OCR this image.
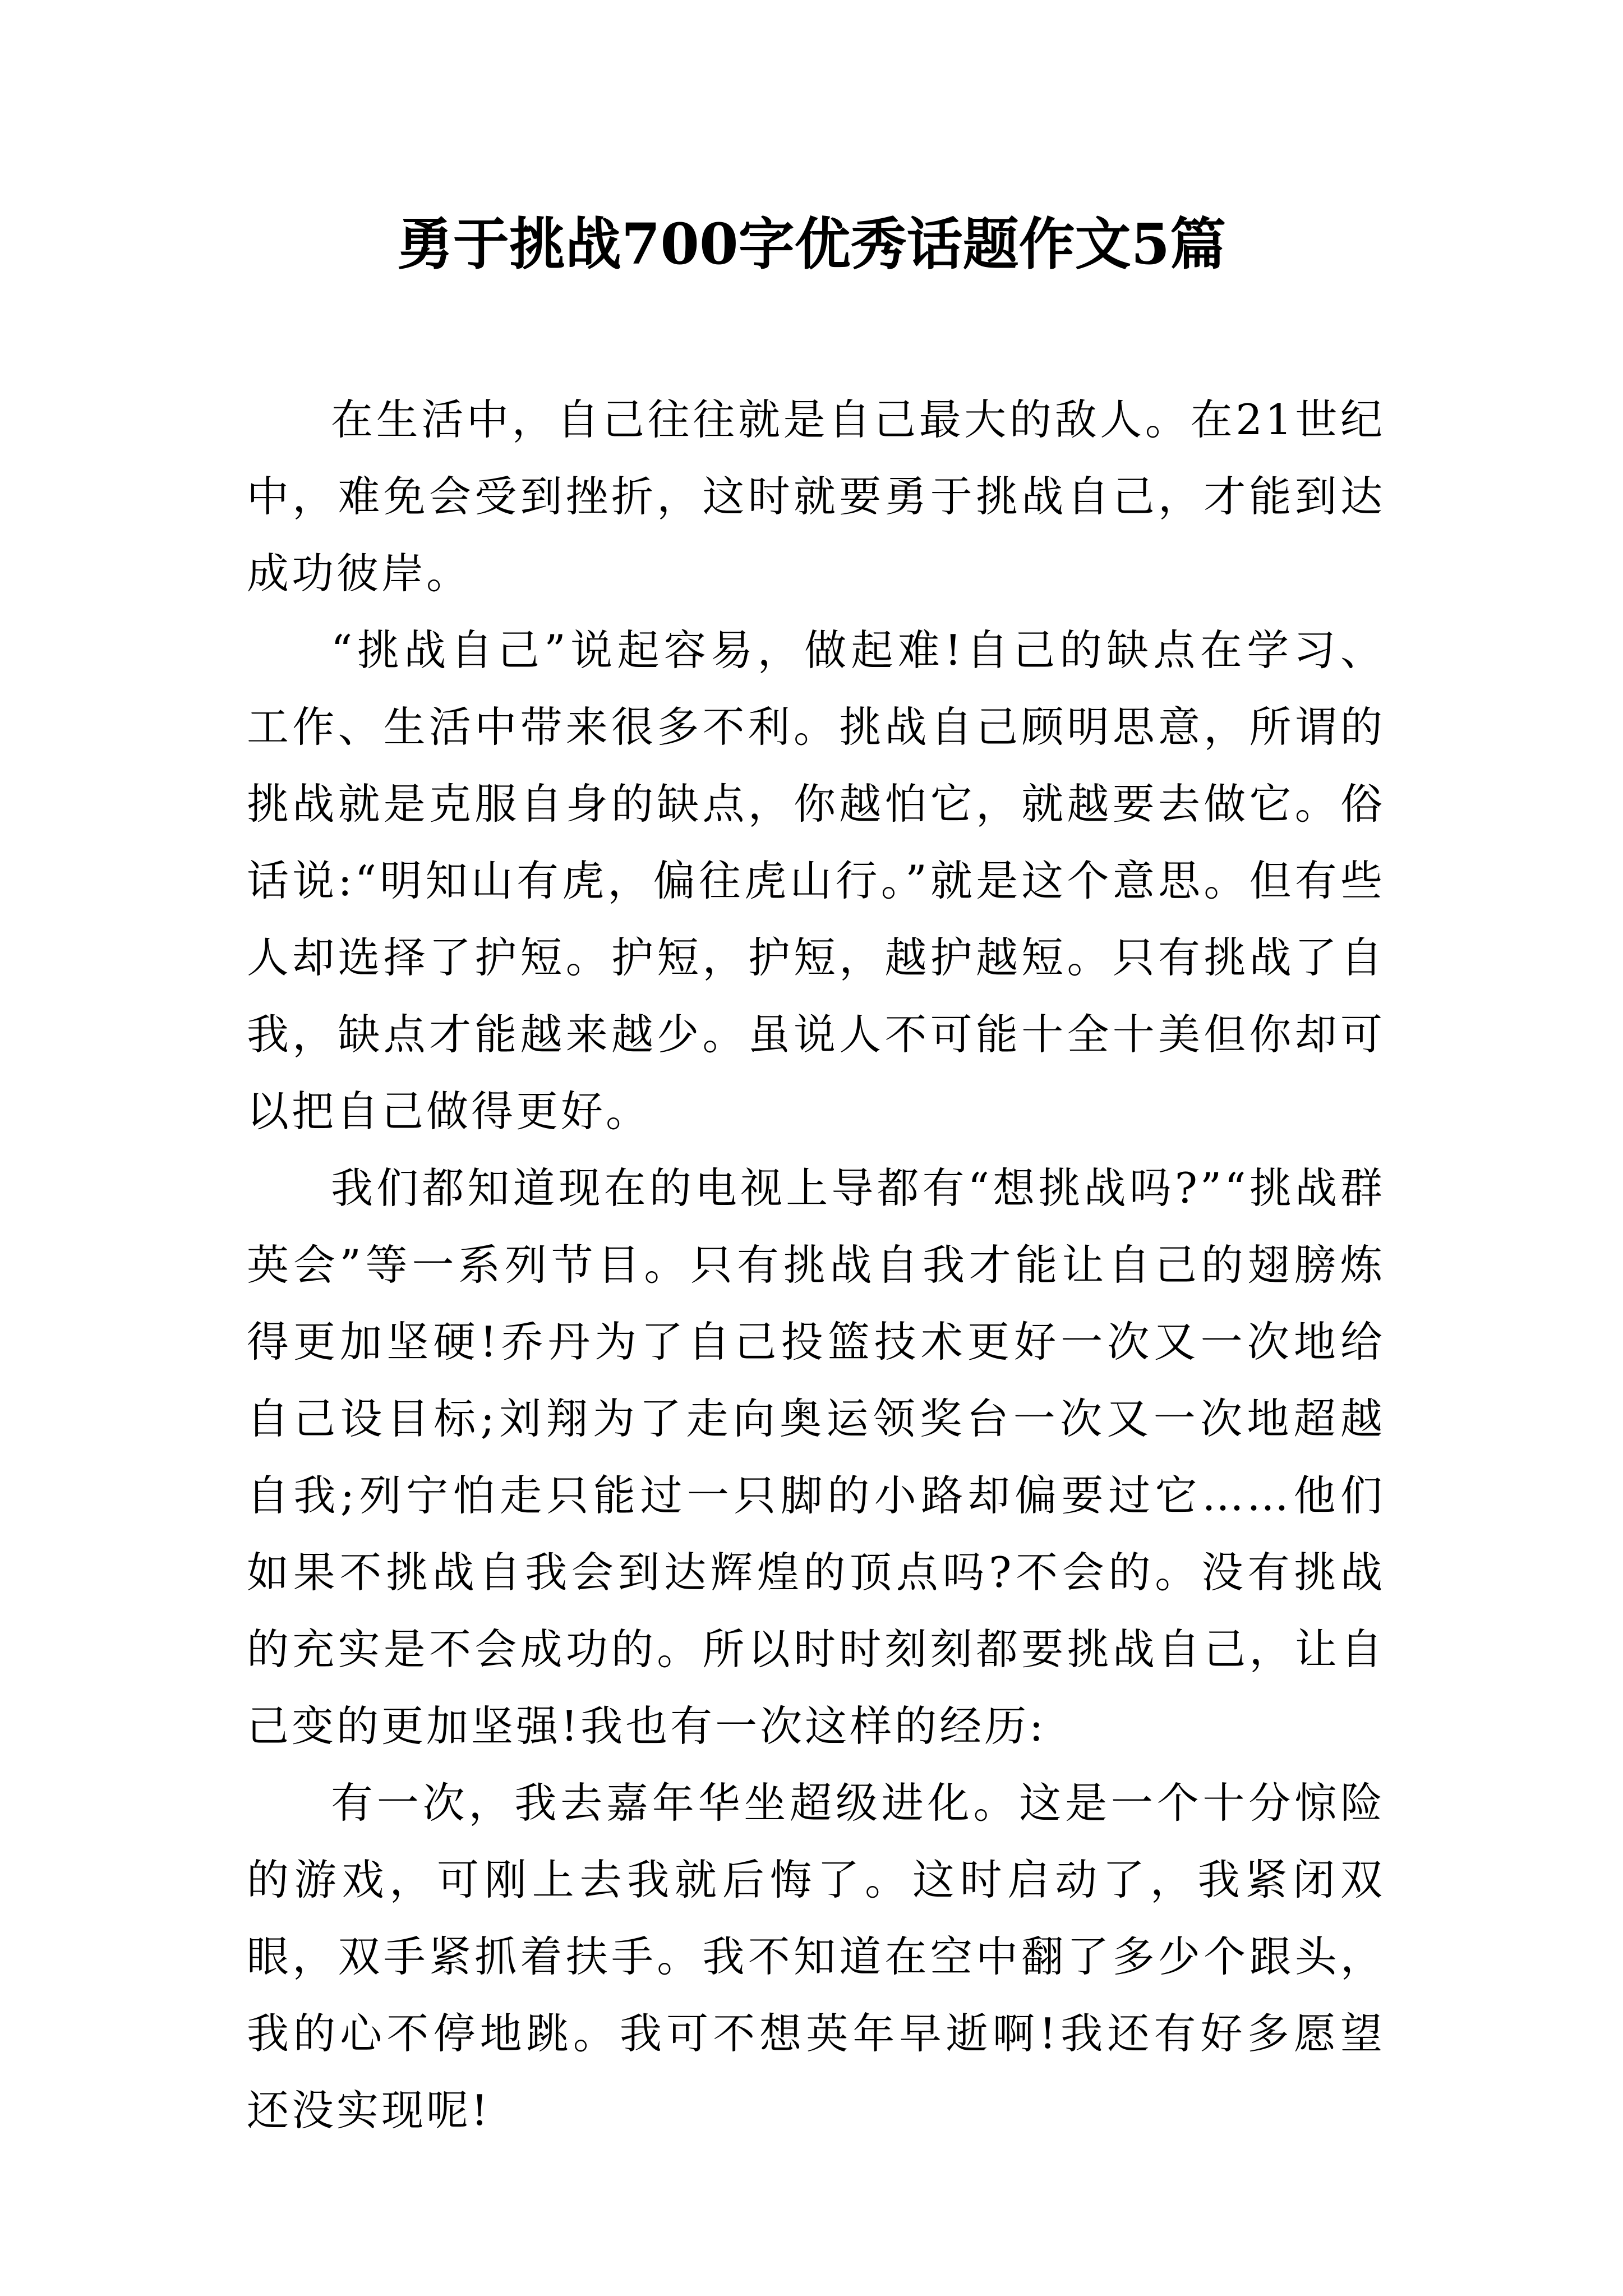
勇于挑战700字优秀话题作文5篇

在生活中，自己往往就是自己最大的敌人。在21世纪中，难免会受到挫折，这时就要勇于挑战自己，才能到达成功彼岸。

“挑战自己”说起容易，做起难!自己的缺点在学习、工作、生活中带来很多不利。挑战自己顾明思意，所谓的挑战就是克服自身的缺点，你越怕它，就越要去做它。俗话说:“明知山有虎，偏往虎山行。”就是这个意思。但有些人却选择了护短。护短，护短，越护越短。只有挑战了自我，缺点才能越来越少。虽说人不可能十全十美但你却可以把自己做得更好。

我们都知道现在的电视上导都有“想挑战吗?”“挑战群英会”等一系列节目。只有挑战自我才能让自己的翅膀炼得更加坚硬!乔丹为了自己投篮技术更好一次又一次地给自己设目标;刘翔为了走向奥运领奖台一次又一次地超越自我;列宁怕走只能过一只脚的小路却偏要过它……他们如果不挑战自我会到达辉煌的顶点吗?不会的。没有挑战的充实是不会成功的。所以时时刻刻都要挑战自己，让自己变的更加坚强!我也有一次这样的经历:

有一次，我去嘉年华坐超级进化。这是一个十分惊险的游戏，可刚上去我就后悔了。这时启动了，我紧闭双眼，双手紧抓着扶手。我不知道在空中翻了多少个跟头，我的心不停地跳。我可不想英年早逝啊!我还有好多愿望还没实现呢!
